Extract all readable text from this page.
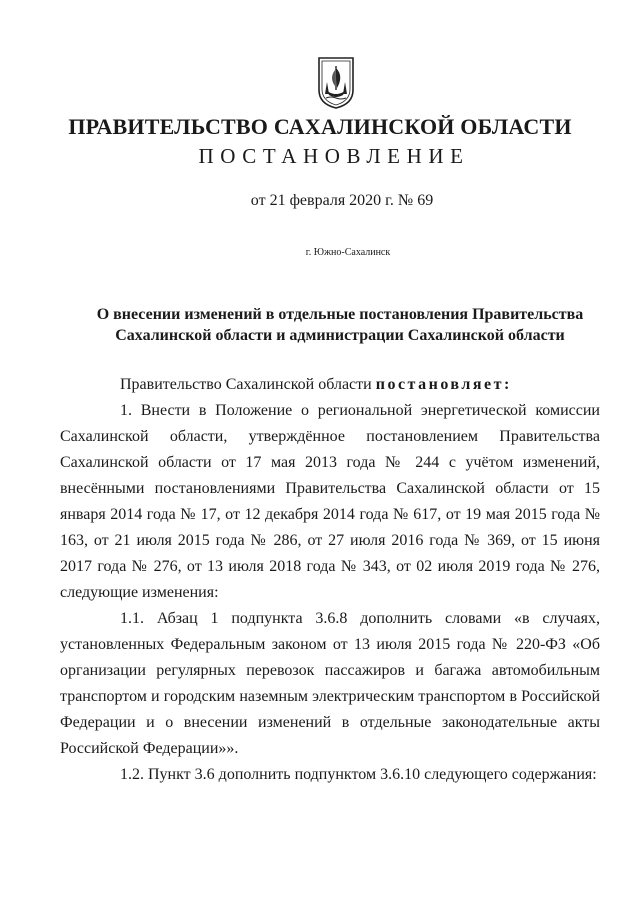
ПРАВИТЕЛЬСТВО САХАЛИНСКОЙ ОБЛАСТИ
ПОСТАНОВЛЕНИЕ
от 21 февраля 2020 г. № 69
г. Южно-Сахалинск
О внесении изменений в отдельные постановления Правительства
Сахалинской области и администрации Сахалинской области

Правительство Сахалинской области постановляет:

1. Внести в Положение о региональной энергетической комиссии Сахалинской области, утверждённое постановлением Правительства Сахалинской области от 17 мая 2013 года № 244 с учётом изменений, внесёнными постановлениями Правительства Сахалинской области от 15 января 2014 года № 17, от 12 декабря 2014 года № 617, от 19 мая 2015 года № 163, от 21 июля 2015 года № 286, от 27 июля 2016 года № 369, от 15 июня 2017 года № 276, от 13 июля 2018 года № 343, от 02 июля 2019 года № 276, следующие изменения:

1.1. Абзац 1 подпункта 3.6.8 дополнить словами «в случаях, установленных Федеральным законом от 13 июля 2015 года № 220-ФЗ «Об организации регулярных перевозок пассажиров и багажа автомобильным транспортом и городским наземным электрическим транспортом в Российской Федерации и о внесении изменений в отдельные законодательные акты Российской Федерации»».

1.2. Пункт 3.6 дополнить подпунктом 3.6.10 следующего содержания:
